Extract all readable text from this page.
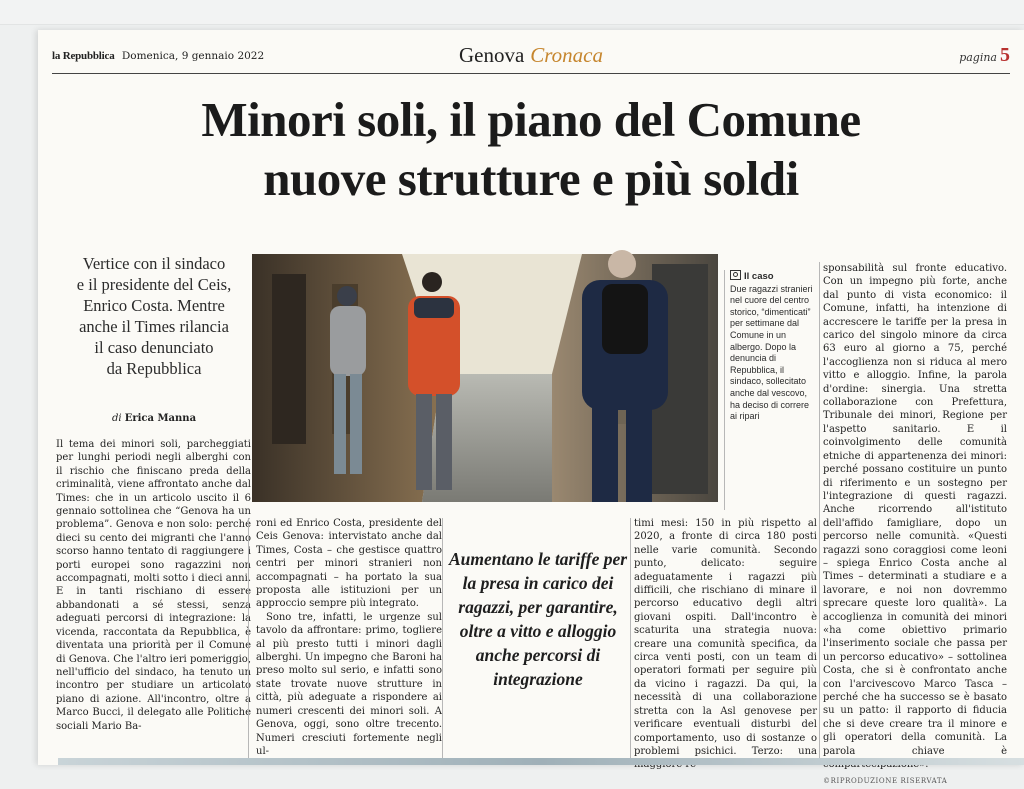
la Repubblica Domenica, 9 gennaio 2022	Genova Cronaca	pagina 5
Minori soli, il piano del Comune
nuove strutture e più soldi
Vertice con il sindaco
e il presidente del Ceis,
Enrico Costa. Mentre
anche il Times rilancia
il caso denunciato
da Repubblica
di Erica Manna
Il tema dei minori soli, parcheggiati per lunghi periodi negli alberghi con il rischio che finiscano preda della criminalità, viene affrontato anche dal Times: che in un articolo uscito il 6 gennaio sottolinea che “Genova ha un problema”. Genova e non solo: perché dieci su cento dei migranti che l'anno scorso hanno tentato di raggiungere i porti europei sono ragazzini non accompagnati, molti sotto i dieci anni. E in tanti rischiano di essere abbandonati a sé stessi, senza adeguati percorsi di integrazione: la vicenda, raccontata da Repubblica, è diventata una priorità per il Comune di Genova. Che l'altro ieri pomeriggio, nell'ufficio del sindaco, ha tenuto un incontro per studiare un articolato piano di azione. All'incontro, oltre a Marco Bucci, il delegato alle Politiche sociali Mario Ba-
Il caso
Due ragazzi stranieri nel cuore del centro storico, “dimenticati” per settimane dal Comune in un albergo. Dopo la denuncia di Repubblica, il sindaco, sollecitato anche dal vescovo, ha deciso di correre ai ripari
roni ed Enrico Costa, presidente del Ceis Genova: intervistato anche dal Times, Costa – che gestisce quattro centri per minori stranieri non accompagnati – ha portato la sua proposta alle istituzioni per un approccio sempre più integrato.
Sono tre, infatti, le urgenze sul tavolo da affrontare: primo, togliere al più presto tutti i minori dagli alberghi. Un impegno che Baroni ha preso molto sul serio, e infatti sono state trovate nuove strutture in città, più adeguate a rispondere ai numeri crescenti dei minori soli. A Genova, oggi, sono oltre trecento. Numeri cresciuti fortemente negli ul-
Aumentano le tariffe per la presa in carico dei ragazzi, per garantire, oltre a vitto e alloggio anche percorsi di integrazione
timi mesi: 150 in più rispetto al 2020, a fronte di circa 180 posti nelle varie comunità. Secondo punto, delicato: seguire adeguatamente i ragazzi più difficili, che rischiano di minare il percorso educativo degli altri giovani ospiti. Dall'incontro è scaturita una strategia nuova: creare una comunità specifica, da circa venti posti, con un team di operatori formati per seguire più da vicino i ragazzi. Da qui, la necessità di una collaborazione stretta con la Asl genovese per verificare eventuali disturbi del comportamento, uso di sostanze o problemi psichici. Terzo: una
sponsabilità sul fronte educativo. Con un impegno più forte, anche dal punto di vista economico: il Comune, infatti, ha intenzione di accrescere le tariffe per la presa in carico del singolo minore da circa 63 euro al giorno a 75, perché l'accoglienza non si riduca al mero vitto e alloggio. Infine, la parola d'ordine: sinergia. Una stretta collaborazione con Prefettura, Tribunale dei minori, Regione per l'aspetto sanitario. E il coinvolgimento delle comunità etniche di appartenenza dei minori: perché possano costituire un punto di riferimento e un sostegno per l'integrazione di questi ragazzi. Anche ricorrendo all'istituto dell'affido famigliare, dopo un percorso nelle comunità. «Questi ragazzi sono coraggiosi come leoni – spiega Enrico Costa anche al Times – determinati a studiare e a lavorare, e noi non dovremmo sprecare queste loro qualità». La accoglienza in comunità dei minori «ha come obiettivo primario l'inserimento sociale che passa per un percorso educativo» – sottolinea Costa, che si è confrontato anche con l'arcivescovo Marco Tasca – perché che ha successo se è basato su un patto: il rapporto di fiducia che si deve creare tra il minore e gli operatori della comunità. La parola chiave è
©RIPRODUZIONE RISERVATA
